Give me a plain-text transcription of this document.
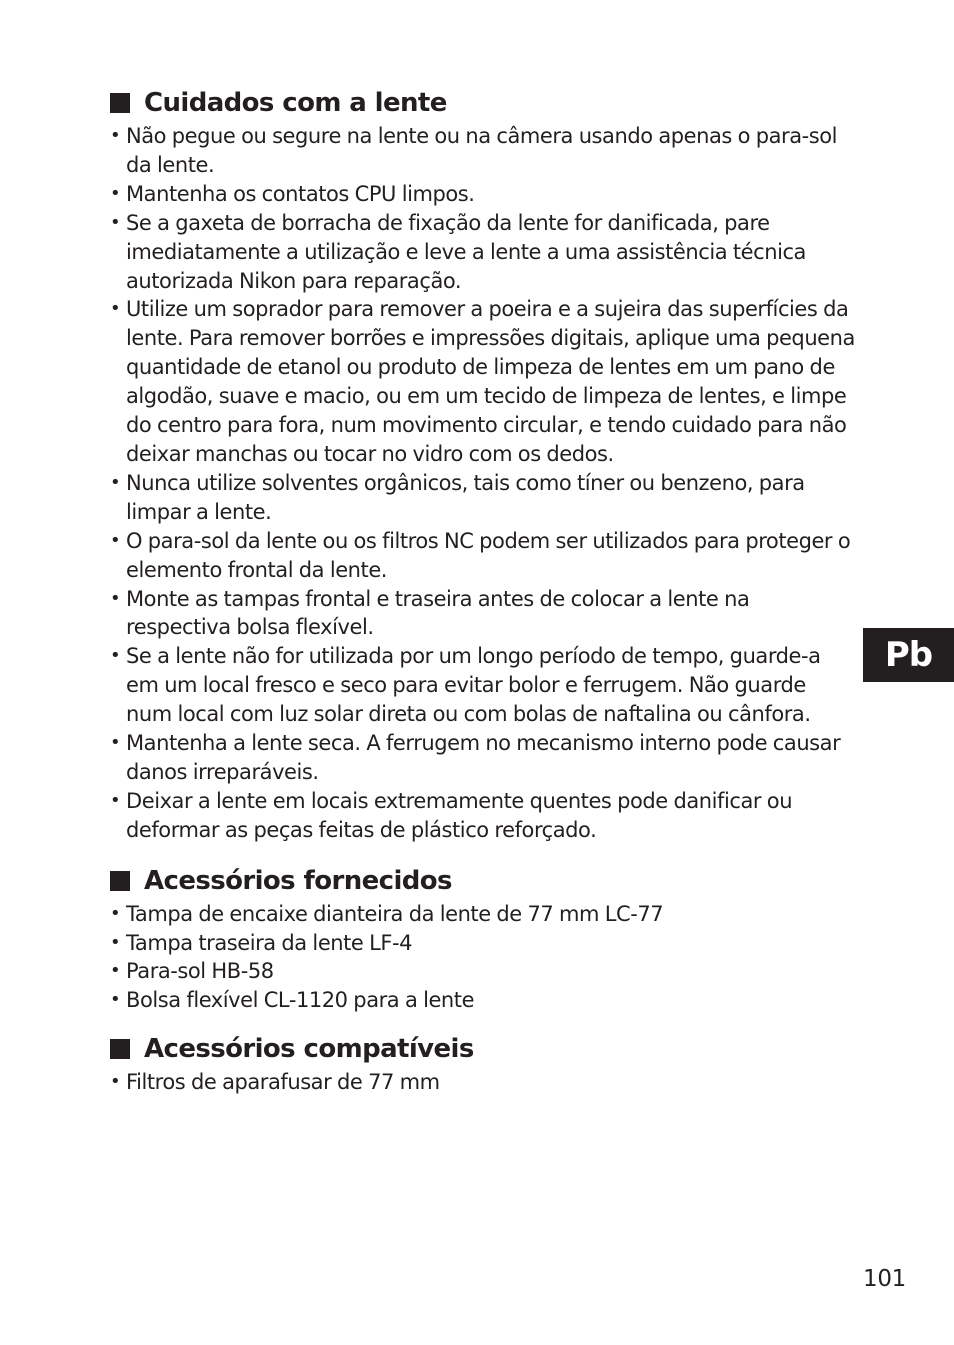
Cuidados com a lente
• Não pegue ou segure na lente ou na câmera usando apenas o para-sol da lente.
• Mantenha os contatos CPU limpos.
• Se a gaxeta de borracha de fixação da lente for danificada, pare imediatamente a utilização e leve a lente a uma assistência técnica autorizada Nikon para reparação.
• Utilize um soprador para remover a poeira e a sujeira das superfícies da lente. Para remover borrões e impressões digitais, aplique uma pequena quantidade de etanol ou produto de limpeza de lentes em um pano de algodão, suave e macio, ou em um tecido de limpeza de lentes, e limpe do centro para fora, num movimento circular, e tendo cuidado para não deixar manchas ou tocar no vidro com os dedos.
• Nunca utilize solventes orgânicos, tais como tíner ou benzeno, para limpar a lente.
• O para-sol da lente ou os filtros NC podem ser utilizados para proteger o elemento frontal da lente.
• Monte as tampas frontal e traseira antes de colocar a lente na respectiva bolsa flexível.
• Se a lente não for utilizada por um longo período de tempo, guarde-a em um local fresco e seco para evitar bolor e ferrugem. Não guarde num local com luz solar direta ou com bolas de naftalina ou cânfora.
• Mantenha a lente seca. A ferrugem no mecanismo interno pode causar danos irreparáveis.
• Deixar a lente em locais extremamente quentes pode danificar ou deformar as peças feitas de plástico reforçado.
Acessórios fornecidos
• Tampa de encaixe dianteira da lente de 77 mm LC-77
• Tampa traseira da lente LF-4
• Para-sol HB-58
• Bolsa flexível CL-1120 para a lente
Acessórios compatíveis
• Filtros de aparafusar de 77 mm
Pb
101
